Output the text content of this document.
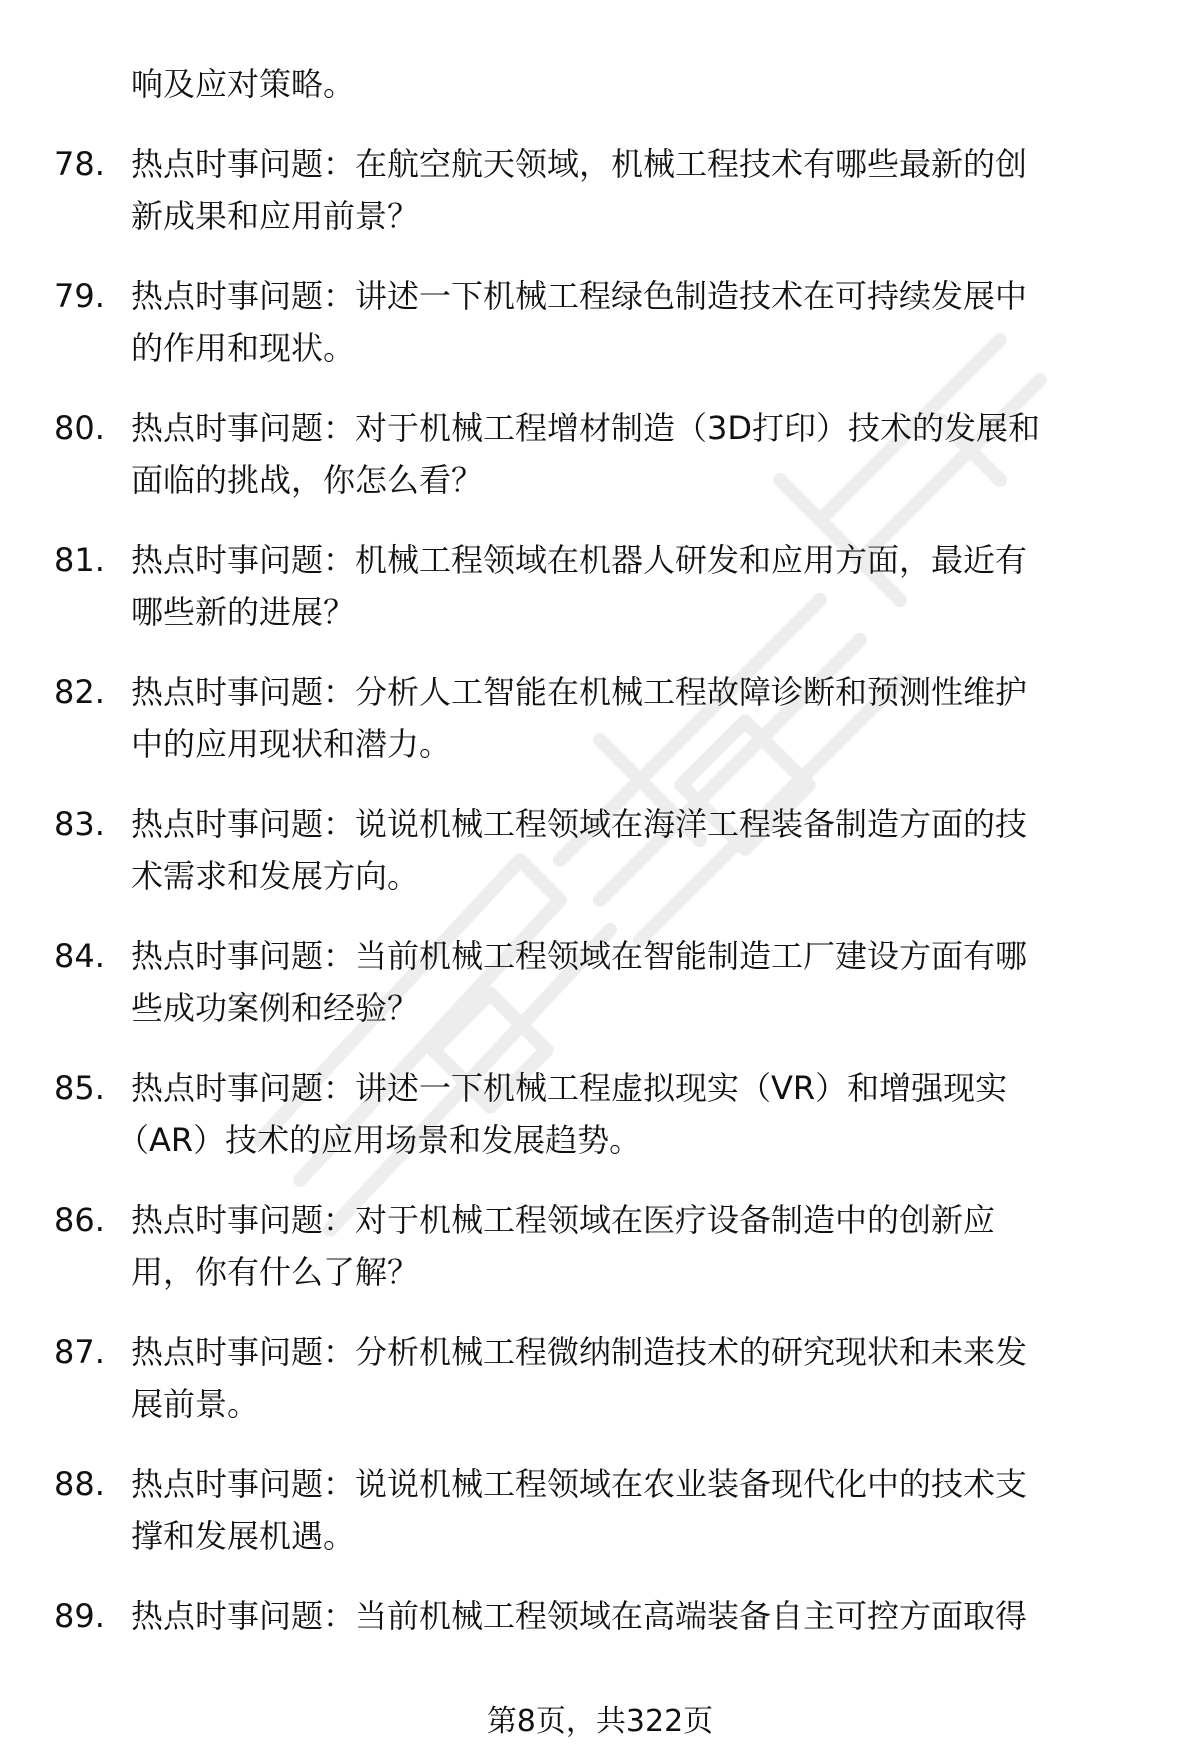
响及应对策略。
78. 热点时事问题：在航空航天领域，机械工程技术有哪些最新的创
新成果和应用前景？
79. 热点时事问题：讲述一下机械工程绿色制造技术在可持续发展中
的作用和现状。
80. 热点时事问题：对于机械工程增材制造（3D打印）技术的发展和
面临的挑战，你怎么看？
81. 热点时事问题：机械工程领域在机器人研发和应用方面，最近有
哪些新的进展？
82. 热点时事问题：分析人工智能在机械工程故障诊断和预测性维护
中的应用现状和潜力。
83. 热点时事问题：说说机械工程领域在海洋工程装备制造方面的技
术需求和发展方向。
84. 热点时事问题：当前机械工程领域在智能制造工厂建设方面有哪
些成功案例和经验？
85. 热点时事问题：讲述一下机械工程虚拟现实（VR）和增强现实
（AR）技术的应用场景和发展趋势。
86. 热点时事问题：对于机械工程领域在医疗设备制造中的创新应
用，你有什么了解？
87. 热点时事问题：分析机械工程微纳制造技术的研究现状和未来发
展前景。
88. 热点时事问题：说说机械工程领域在农业装备现代化中的技术支
撑和发展机遇。
89. 热点时事问题：当前机械工程领域在高端装备自主可控方面取得
第8页，共322页
